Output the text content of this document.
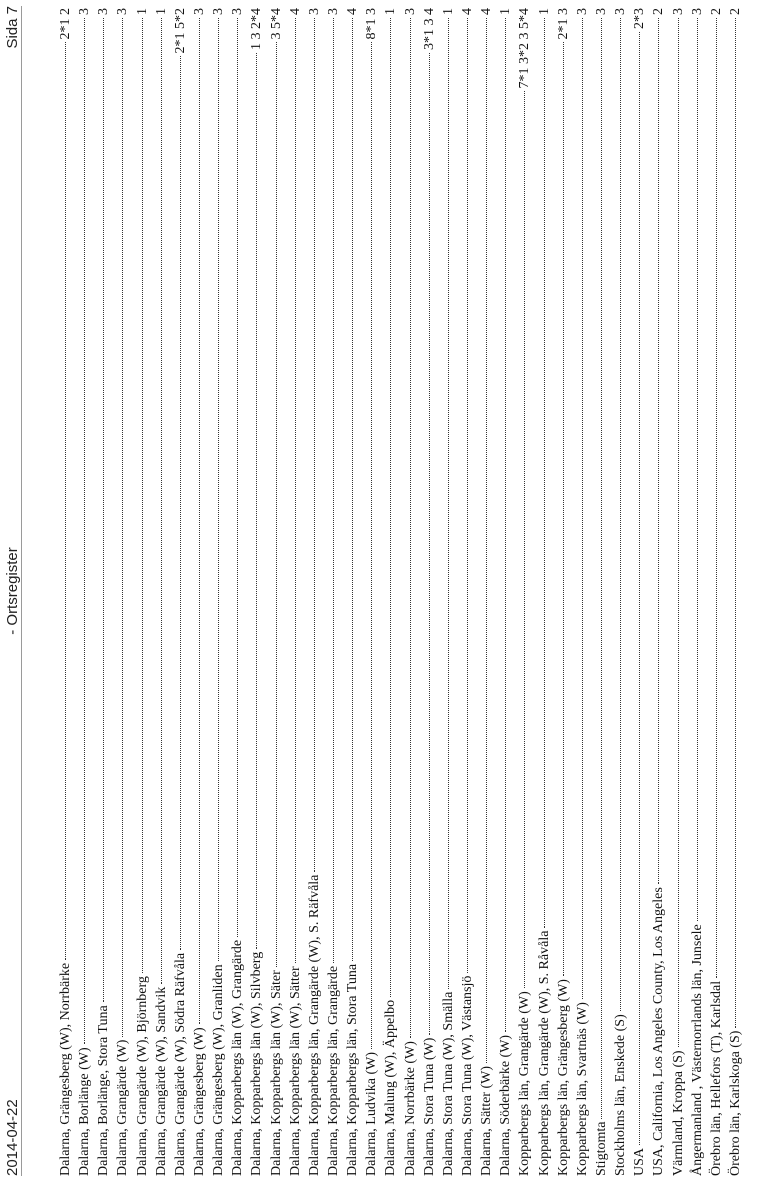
2014-04-22
- Ortsregister
Sida 7
Dalarna, Grängesberg (W), Norrbärke
2*1 2
Dalarna, Borlänge (W)
3
Dalarna, Borlänge, Stora Tuna
3
Dalarna, Grangärde (W)
3
Dalarna, Grangärde (W), Björnberg
1
Dalarna, Grangärde (W), Sandvik
1
Dalarna, Grangärde (W), Södra Räfvåla
2*1 5*2
Dalarna, Grängesberg (W)
3
Dalarna, Grängesberg (W), Granliden
3
Dalarna, Kopparbergs län (W), Grangärde
3
Dalarna, Kopparbergs län (W), Silvberg
1 3 2*4
Dalarna, Kopparbergs län (W), Säter
3 5*4
Dalarna, Kopparbergs län (W), Sätter
4
Dalarna, Kopparbergs län, Grangärde (W), S. Räfvåla
3
Dalarna, Kopparbergs län, Grangärde
3
Dalarna, Kopparbergs län, Stora Tuna
4
Dalarna, Ludvika (W)
8*1 3
Dalarna, Malung (W), Äppelbo
1
Dalarna, Norrbärke (W)
3
Dalarna, Stora Tuna (W)
3*1 3 4
Dalarna, Stora Tuna (W), Smälla
1
Dalarna, Stora Tuna (W), Västansjö
4
Dalarna, Sätter (W)
4
Dalarna, Söderbärke (W)
1
Kopparbergs län, Grangärde (W)
7*1 3*2 3 5*4
Kopparbergs län, Grangärde (W), S. Råvåla
1
Kopparbergs län, Grängesberg (W)
2*1 3
Kopparbergs län, Svartnäs (W)
3
Stigtomta
3
Stockholms län, Enskede (S)
3
USA
2*3
USA, California, Los Angeles County, Los Angeles
2
Värmland, Kroppa (S)
3
Ångermanland , Västernorrlands län, Junsele
3
Örebro län, Hellefors (T), Karlsdal
2
Örebro län, Karlskoga (S)
2
